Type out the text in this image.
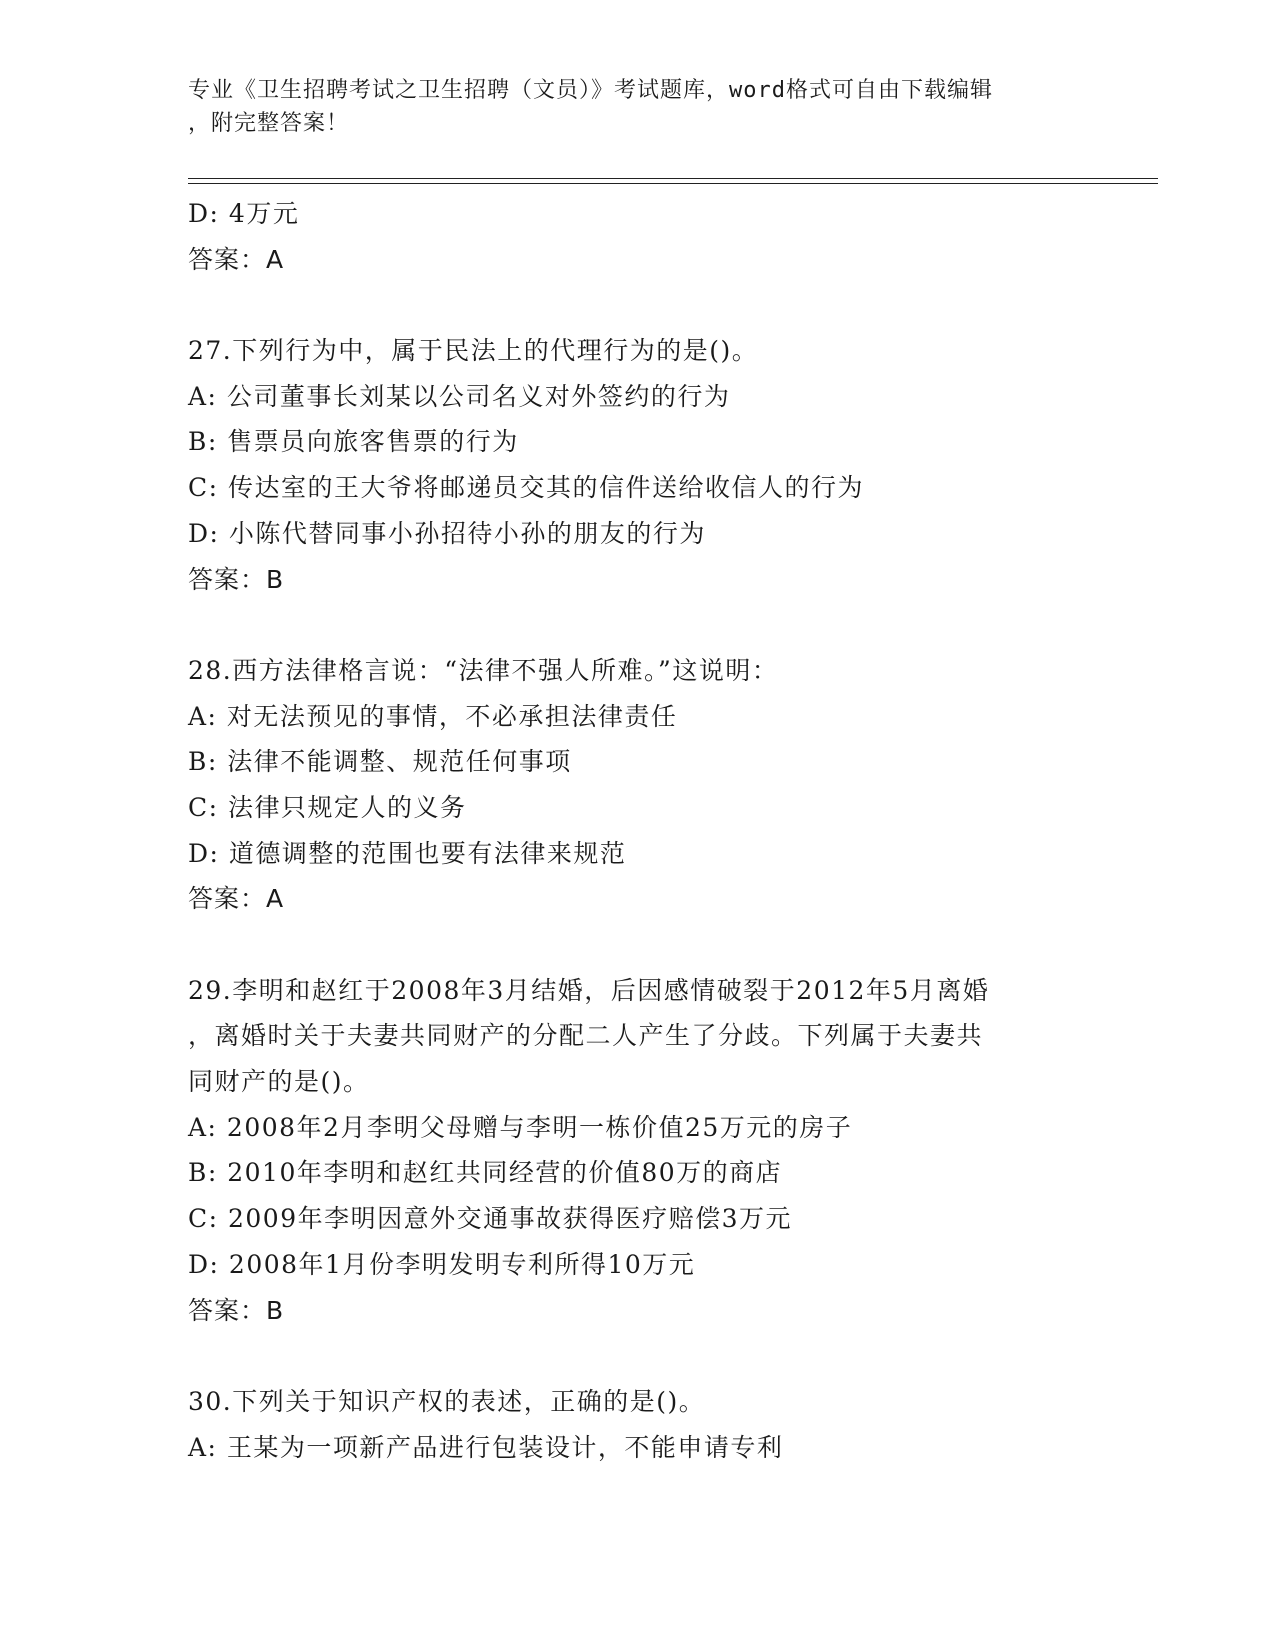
专业《卫生招聘考试之卫生招聘（文员）》考试题库，word格式可自由下载编辑
，附完整答案！
D: 4万元
答案：A
27.下列行为中，属于民法上的代理行为的是()。
A: 公司董事长刘某以公司名义对外签约的行为
B: 售票员向旅客售票的行为
C: 传达室的王大爷将邮递员交其的信件送给收信人的行为
D: 小陈代替同事小孙招待小孙的朋友的行为
答案：B
28.西方法律格言说：“法律不强人所难。”这说明：
A: 对无法预见的事情，不必承担法律责任
B: 法律不能调整、规范任何事项
C: 法律只规定人的义务
D: 道德调整的范围也要有法律来规范
答案：A
29.李明和赵红于2008年3月结婚，后因感情破裂于2012年5月离婚
，离婚时关于夫妻共同财产的分配二人产生了分歧。下列属于夫妻共
同财产的是()。
A: 2008年2月李明父母赠与李明一栋价值25万元的房子
B: 2010年李明和赵红共同经营的价值80万的商店
C: 2009年李明因意外交通事故获得医疗赔偿3万元
D: 2008年1月份李明发明专利所得10万元
答案：B
30.下列关于知识产权的表述，正确的是()。
A: 王某为一项新产品进行包装设计，不能申请专利
